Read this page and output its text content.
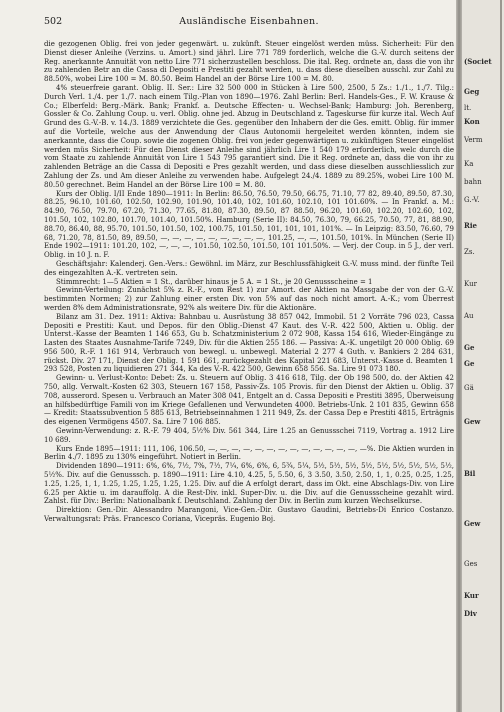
502	Ausländische Eisenbahnen.

die gezogenen Oblig. frei von jeder gegenwärt. u. zukünft. Steuer eingelöst werden müss. Sicherheit: Für den Dienst dieser Anleihe (Verzins. u. Amort.) sind jährl. Lire 771 789 forderlich, welche die G.-V. durch seitens der Reg. anerkannte Annuität von netto Lire 771 sicherzustellen beschloss. Die ital. Reg. ordnete an, dass die von ihr zu zahlenden Betr an die Cassa di Depositi e Prestiti gezahlt werden, u. dass diese dieselben ausschl. zur Zahl zu 88.50%, wobei Lire 100 = M. 80.50. Beim Handel an der Börse Lire 100 = M. 80.

4% steuerfreie garant. Oblig. II. Ser.: Lire 32 500 000 in Stücken à Lire 500, 2500, 5 Zs.: 1./1., 1./7. Tilg.: Durch Verl. 1./4. per 1./7. nach einem Tilg.-Plan von 1890—1976. Zahl Berlin: Berl. Handels-Ges., F. W. Krause & Co.; Elberfeld: Berg.-Märk. Bank; Frankf. a. Deutsche Effecten- u. Wechsel-Bank; Hamburg: Joh. Berenberg, Gossler & Co. Zahlung Coup. u. verl. Oblig. ohne jed. Abzug in Deutschland z. Tageskurse für kurze ital. Wech Auf Grund des G.-V.-B. v. 14./3. 1889 verzichtete die Ges. gegenüber den Inhabern der die Ges. emitt. Oblig. für immer auf die Vorteile, welche aus der Anwendung der Claus Autonomii hergeleitet werden könnten, indem sie anerkannte, dass die Coup. sowie die zogenen Oblig. frei von jeder gegenwärtigen u. zukünftigen Steuer eingelöst werden müs Sicherheit: Für den Dienst dieser Anleihe sind jährlich Lire 1 540 179 erforderlich, welc durch die vom Staate zu zahlende Annuität von Lire 1 543 795 garantiert sind. Die it Reg. ordnete an, dass die von ihr zu zahlenden Beträge an die Cassa di Depositi e Pres gezahlt werden, und dass diese dieselben ausschliesslich zur Zahlung der Zs. und Am dieser Anleihe zu verwenden habe. Aufgelegt 24./4. 1889 zu 89.25%, wobei Lire 100 M. 80.50 gerechnet. Beim Handel an der Börse Lire 100 = M. 80.

Kurs der Oblig. I/II Ende 1890—1911: In Berlin: 86.50, 76.50, 79.50, 66.75, 71.10, 77 82, 89.40, 89.50, 87.30, 88.25, 96.10, 101.60, 102.50, 102.90, 101.90, 101.40, 102, 101.60, 102.10, 101 101.60%. — In Frankf. a. M.: 84.90, 76.50, 79.70, 67.20, 71.30, 77.65, 81.80, 87.30, 89.50, 87 88.50, 96.20, 101.60, 102.20, 102.60, 102, 101.50, 102, 102.80, 101.70, 101.40, 101.50%. Hamburg (Serie II): 84.50, 76.30, 79, 66.25, 70.50, 77, 81, 88.90, 88.70, 86.40, 88, 95.70, 101.50, 101.50, 102, 100.75, 101.50, 101, 101, 101, 101%. — In Leipzig: 83.50, 76.60, 79 68, 71.20, 78, 81.50, 89, 89.50, —, —, —, —, —, —, —, —, —, 101.25, —, —, 101.50, 101%. In München (Serie II) Ende 1902—1911: 101.20, 102, —, —, —, 101.50, 102.50, 101.50, 101 101.50%. — Verj. der Coup. in 5 J., der verl. Oblig. in 10 J. n. F.

Geschäftsjahr: Kalenderj. Gen.-Vers.: Gewöhnl. im März, zur Beschlussfähigkeit G.-V. muss mind. der fünfte Teil des eingezahlten A.-K. vertreten sein.

Stimmrecht: 1—5 Aktien = 1 St., darüber hinaus je 5 A. = 1 St., je 20 Genussscheine = 1

Gewinn-Verteilung: Zunächst 5% z. R.-F., vom Rest 1) zur Amort. der Aktien na Massgabe der von der G.-V. bestimmten Normen; 2) zur Zahlung einer ersten Div. von 5% auf das noch nicht amort. A.-K.; vom Überrest werden 8% dem Administrationsrate, 92% als weitere Div. für die Aktionäre.

Bilanz am 31. Dez. 1911: Aktiva: Bahnbau u. Ausrüstung 38 857 042, Immobil. 51 2 Vorräte 796 023, Cassa Depositi e Prestiti: Kaut. und Depos. für den Oblig.-Dienst 47 Kaut. des V.-R. 422 500, Aktien u. Oblig. der Unterst.-Kasse der Beamten 1 146 653, Gu b. Schatzministerium 2 072 908, Kassa 154 616, Wieder-Eingänge zu Lasten des Staates Ausnahme-Tarife 7249, Div. für die Aktien 255 186. — Passiva: A.-K. ungetilgt 20 000 Oblig. 69 956 500, R.-F. 1 161 914, Verbrauch von bewegl. u. unbewegl. Material 2 277 4 Guth. v. Bankiers 2 284 631, rückst. Div. 27 171, Dienst der Oblig. 1 591 661, zurückgezahlt des Kapital 221 683, Unterst.-Kasse d. Beamten 1 293 528, Posten zu liquidieren 271 344, Ka des V.-R. 422 500, Gewinn 658 556. Sa. Lire 91 073 180.

Gewinn- u. Verlust-Konto: Debet: Zs. u. Steuern auf Oblig. 3 416 618, Tilg. der Ob 198 500, do. der Aktien 42 750, allg. Verwalt.-Kosten 62 303, Steuern 167 158, Passiv-Zs. 105 Provis. für den Dienst der Aktien u. Oblig. 37 708, ausserord. Spesen u. Verbrauch an Mater 308 041, Entgelt an d. Cassa Depositi e Prestiti 3895, Überweisung an hilfsbedürftige Famili von im Kriege Gefallenen und Verwundeten 4000. Betriebs-Unk. 2 101 835, Gewinn 658 — Kredit: Staatssubvention 5 885 613, Betriebseinnahmen 1 211 949, Zs. der Cassa Dep e Prestiti 4815, Erträgnis des eigenen Vermögens 4507. Sa. Lire 7 106 885.

Gewinn-Verwendung: z. R.-F. 79 404, 5½% Div. 561 344, Lire 1.25 an Genussschei 7119, Vortrag a. 1912 Lire 10 689.

Kurs Ende 1895—1911: 111, 106, 106.50, —, —, —, —, —, —, —, —, —, —, —, —, —, —%. Die Aktien wurden in Berlin 4./7. 1895 zu 130% eingeführt. Notiert in Berlin.

Dividenden 1890—1911: 6%, 6%, 7½, 7%, 7½, 7¼, 6%, 6%, 6, 5¾, 5¼, 5½, 5½, 5½, 5½, 5½, 5½, 5½, 5½, 5½, 5½%. Div. auf die Genusssch. p. 1890—1911: Lire 4.10, 4.25, 5, 5.50, 6, 3 3.50, 3.50, 2.50, 1, 1, 0.25, 0.25, 1.25, 1.25, 1.25, 1, 1, 1.25, 1.25, 1.25, 1.25, 1.25. Div. auf die A erfolgt derart, dass im Okt. eine Abschlags-Div. von Lire 6.25 per Aktie u. im darauffolg. A die Rest-Div. inkl. Super-Div. u. die Div. auf die Genussscheine gezahlt wird. Zahlst. für Div.: Berlin: Nationalbank f. Deutschland. Zahlung der Div. in Berlin zum kurzen Wechselkurse.

Direktion: Gen.-Dir. Alessandro Marangoni, Vice-Gen.-Dir. Gustavo Gaudini, Betriebs-Di Enrico Costanzo. Verwaltungsrat: Präs. Francesco Coriana, Vicepräs. Eugenio Boj.

(Societ
Geg
lt.
Kon
Verm
Ka
bahn
G.-V.
Rie
Zs.
Kur
Au
Ge
Ge
Gä
Gew
Bil
Gew
Ges
Kur
Div
